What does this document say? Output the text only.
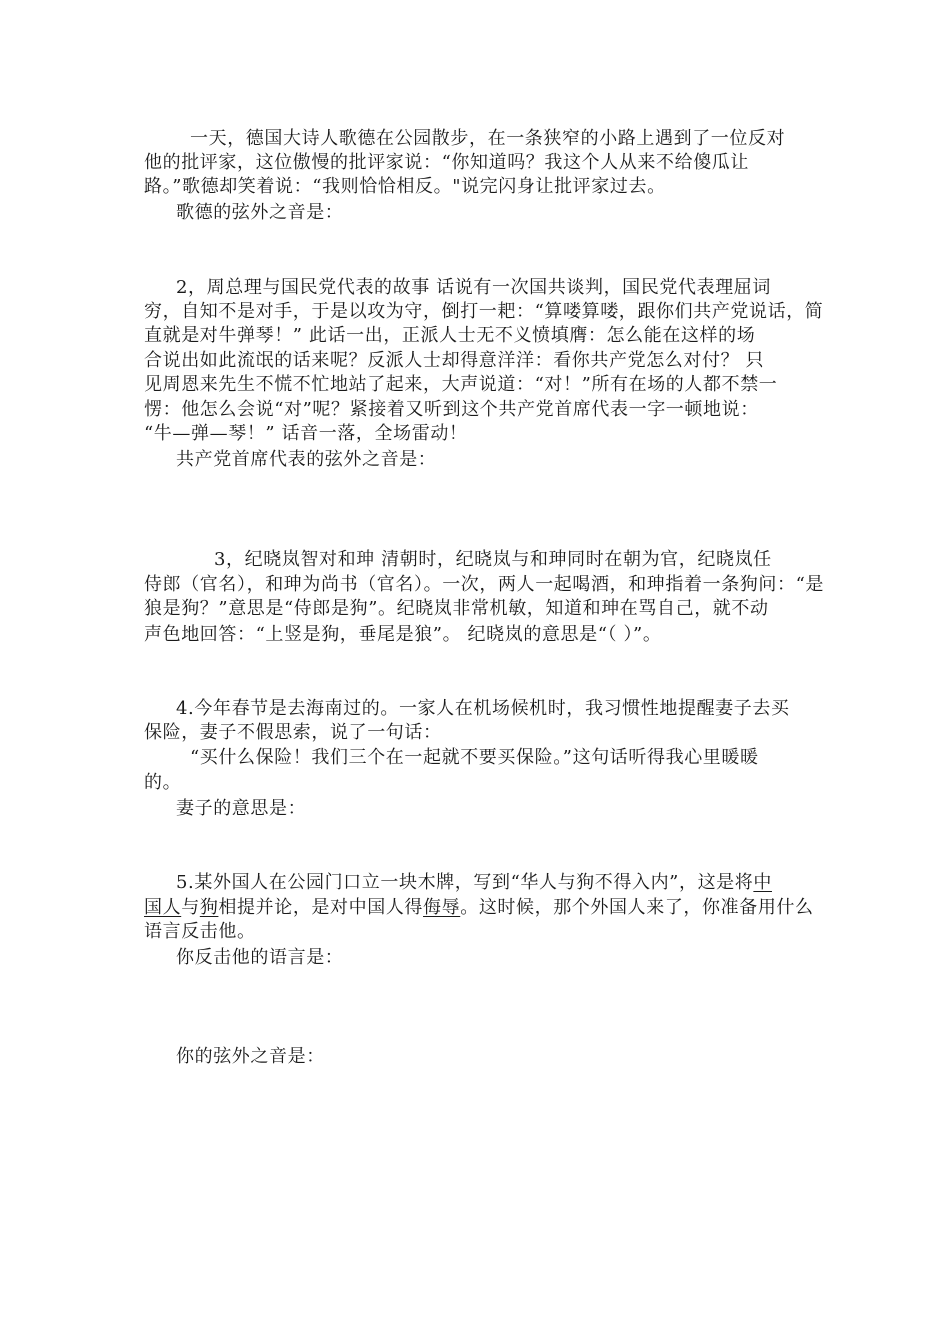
一天，德国大诗人歌德在公园散步，在一条狭窄的小路上遇到了一位反对
他的批评家，这位傲慢的批评家说：“你知道吗？我这个人从来不给傻瓜让
路。”歌德却笑着说：“我则恰恰相反。"说完闪身让批评家过去。
歌德的弦外之音是：
2，周总理与国民党代表的故事 话说有一次国共谈判，国民党代表理屈词
穷，自知不是对手，于是以攻为守，倒打一耙：“算喽算喽，跟你们共产党说话，简
直就是对牛弹琴！” 此话一出，正派人士无不义愤填膺：怎么能在这样的场
合说出如此流氓的话来呢？反派人士却得意洋洋：看你共产党怎么对付？ 只
见周恩来先生不慌不忙地站了起来，大声说道：“对！”所有在场的人都不禁一
愣：他怎么会说“对”呢？紧接着又听到这个共产党首席代表一字一顿地说：
“牛—弹—琴！” 话音一落，全场雷动！
共产党首席代表的弦外之音是：
3，纪晓岚智对和珅 清朝时，纪晓岚与和珅同时在朝为官，纪晓岚任
侍郎（官名），和珅为尚书（官名）。一次，两人一起喝酒，和珅指着一条狗问：“是
狼是狗？”意思是“侍郎是狗”。纪晓岚非常机敏，知道和珅在骂自己，就不动
声色地回答：“上竖是狗，垂尾是狼”。 纪晓岚的意思是“（ ）”。
4.今年春节是去海南过的。一家人在机场候机时，我习惯性地提醒妻子去买
保险，妻子不假思索，说了一句话：
“买什么保险！我们三个在一起就不要买保险。”这句话听得我心里暖暖
的。
妻子的意思是：
5.某外国人在公园门口立一块木牌，写到“华人与狗不得入内”，这是将中
国人与狗相提并论，是对中国人得侮辱。这时候，那个外国人来了，你准备用什么
语言反击他。
你反击他的语言是：
你的弦外之音是：
